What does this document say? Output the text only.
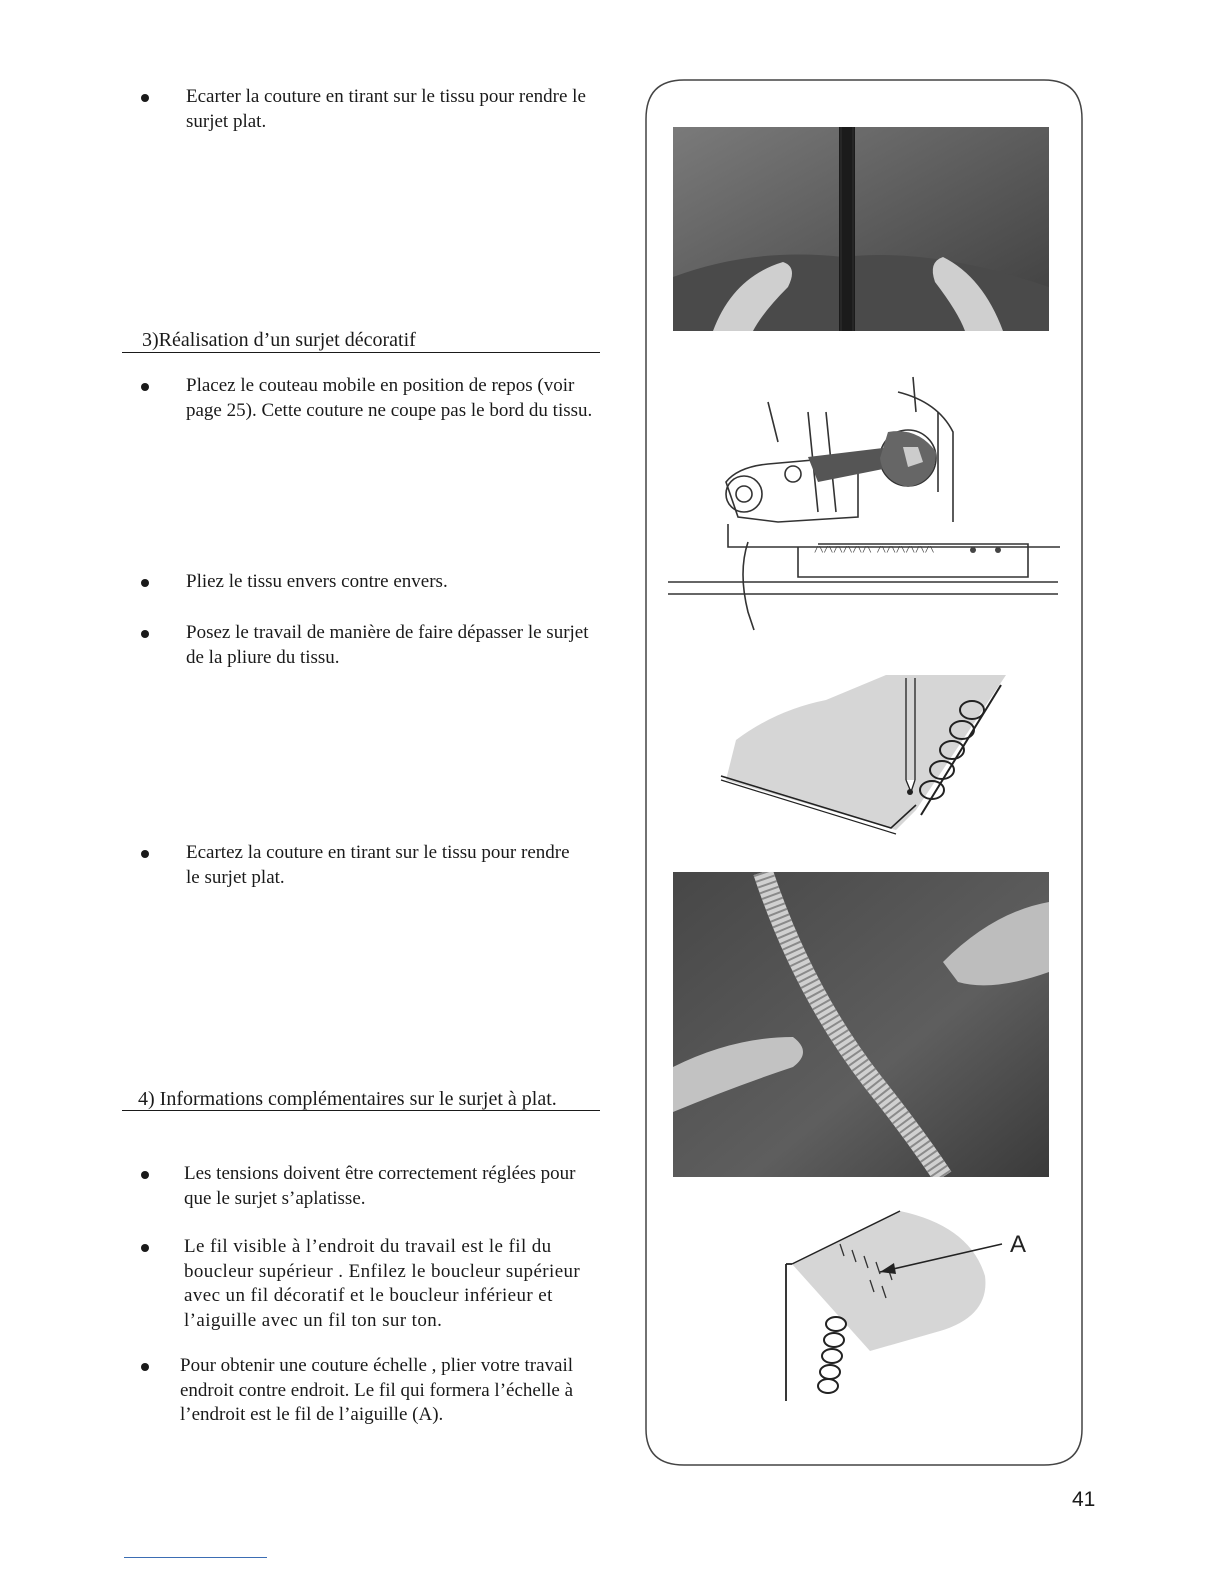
Ecarter la couture en tirant sur le tissu pour rendre le
surjet plat.
3)Réalisation d’un surjet décoratif
Placez le couteau mobile en position de repos (voir
page 25). Cette couture ne coupe pas le bord du tissu.
Pliez le tissu envers contre envers.
Posez le travail de manière de faire dépasser le surjet
de la pliure du tissu.
Ecartez la couture en tirant sur le tissu pour rendre
le surjet plat.
4) Informations complémentaires sur le surjet à plat.
Les tensions doivent être correctement réglées pour
que le surjet s’aplatisse.
Le fil visible à l’endroit du travail est le fil du
boucleur supérieur . Enfilez le boucleur supérieur
avec un fil décoratif et le boucleur inférieur et
l’aiguille avec un fil ton sur ton.
Pour obtenir une couture échelle , plier votre travail
endroit contre endroit. Le fil qui formera l’échelle à
l’endroit est le fil de l’aiguille (A).
/\/\/\/\/\/\ /\/\/\/\/\/\
A
41
